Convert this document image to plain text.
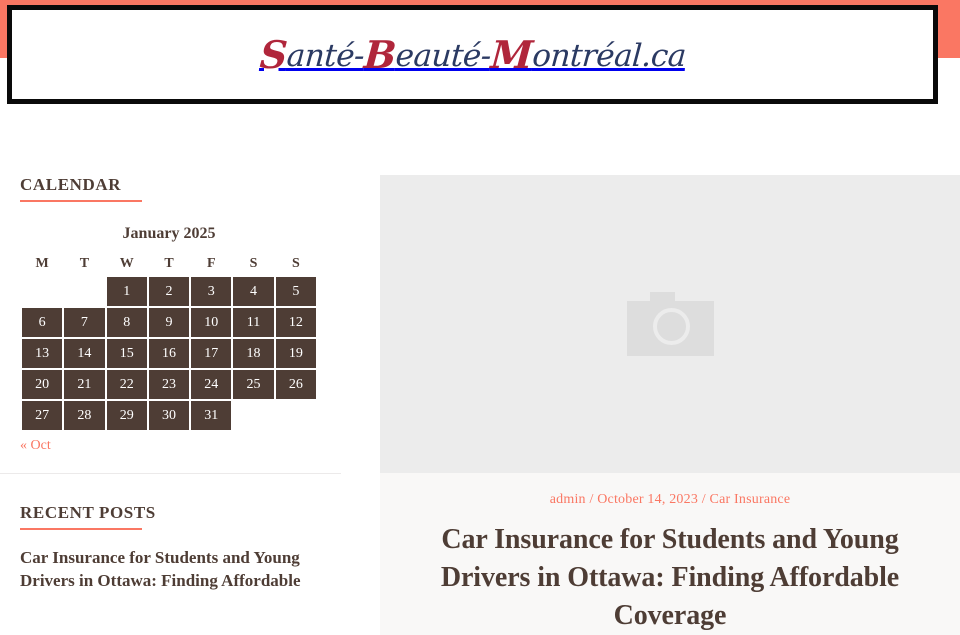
Santé-Beauté-Montréal.ca
CALENDAR
January 2025
M	T	W	T	F	S	S
		1	2	3	4	5
6	7	8	9	10	11	12
13	14	15	16	17	18	19
20	21	22	23	24	25	26
27	28	29	30	31		
« Oct
RECENT POSTS
Car Insurance for Students and Young Drivers in Ottawa: Finding Affordable
admin / October 14, 2023 / Car Insurance
Car Insurance for Students and Young Drivers in Ottawa: Finding Affordable Coverage
